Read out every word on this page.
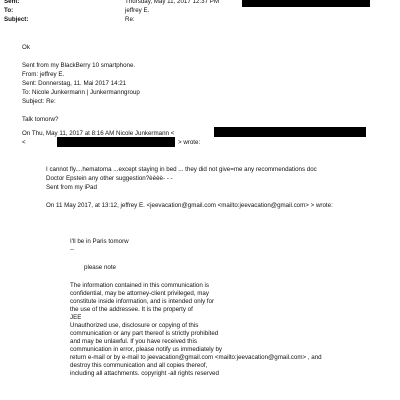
Sent:	Thursday, May 11, 2017 12:37 PM
To:	jeffrey E.
Subject:	Re:
Ok
Sent from my BlackBerry 10 smartphone.
From: jeffrey E.
Sent: Donnerstag, 11. Mai 2017 14:21
To: Nicole Junkermann | Junkermanngroup
Subject: Re:
Talk tomorw?
On Thu, May 11, 2017 at 8:16 AM Nicole Junkermann <
<	> wrote:
I cannot fly....hematoma ...except staying in bed ... they did not give=me any recommendations doc
Doctor Epstein any other suggestion?èèèè- - -
Sent from my iPad
On 11 May 2017, at 13:12, jeffrey E. <jeevacation@gmail.com <mailto:jeevacation@gmail.com> > wrote:
I'll be in Paris tomorw
--
please note
The information contained in this communication is
confidential, may be attorney-client privileged, may
constitute inside information, and is intended only for
the use of the addressee. It is the property of
JEE
Unauthorized use, disclosure or copying of this
communication or any part thereof is strictly prohibited
and may be unlawful. If you have received this
communication in error, please notify us immediately by
return e-mail or by e-mail to jeevacation@gmail.com <mailto:jeevacation@gmail.com> , and
destroy this communication and all copies thereof,
including all attachments. copyright -all rights reserved
